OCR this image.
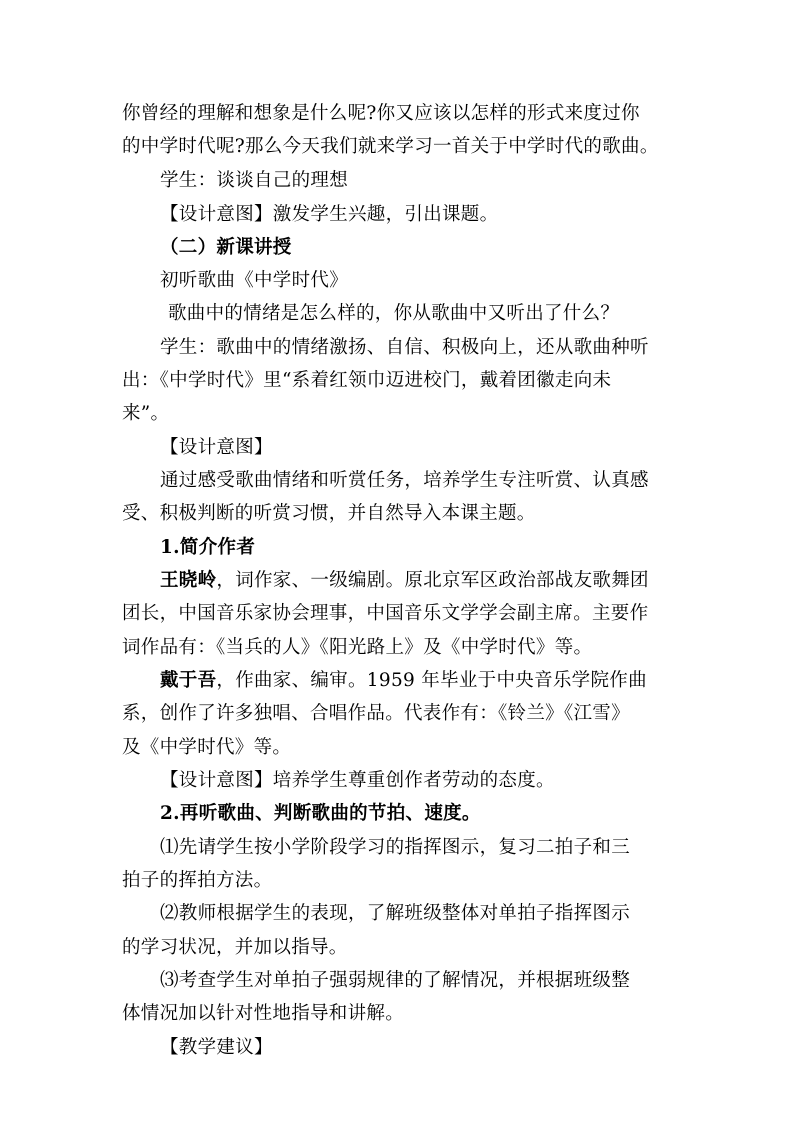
你曾经的理解和想象是什么呢?你又应该以怎样的形式来度过你
的中学时代呢?那么今天我们就来学习一首关于中学时代的歌曲。
学生：谈谈自己的理想
【设计意图】激发学生兴趣，引出课题。
（二）新课讲授
初听歌曲《中学时代》
歌曲中的情绪是怎么样的，你从歌曲中又听出了什么？
学生：歌曲中的情绪激扬、自信、积极向上，还从歌曲种听
出：《中学时代》里“系着红领巾迈进校门，戴着团徽走向未
来”。
【设计意图】
通过感受歌曲情绪和听赏任务，培养学生专注听赏、认真感
受、积极判断的听赏习惯，并自然导入本课主题。
1.简介作者
王晓岭，词作家、一级编剧。原北京军区政治部战友歌舞团
团长，中国音乐家协会理事，中国音乐文学学会副主席。主要作
词作品有：《当兵的人》《阳光路上》及《中学时代》等。
戴于吾，作曲家、编审。1959 年毕业于中央音乐学院作曲
系，创作了许多独唱、合唱作品。代表作有：《铃兰》《江雪》
及《中学时代》等。
【设计意图】培养学生尊重创作者劳动的态度。
2.再听歌曲、判断歌曲的节拍、速度。
⑴先请学生按小学阶段学习的指挥图示，复习二拍子和三
拍子的挥拍方法。
⑵教师根据学生的表现，了解班级整体对单拍子指挥图示
的学习状况，并加以指导。
⑶考查学生对单拍子强弱规律的了解情况，并根据班级整
体情况加以针对性地指导和讲解。
【教学建议】
